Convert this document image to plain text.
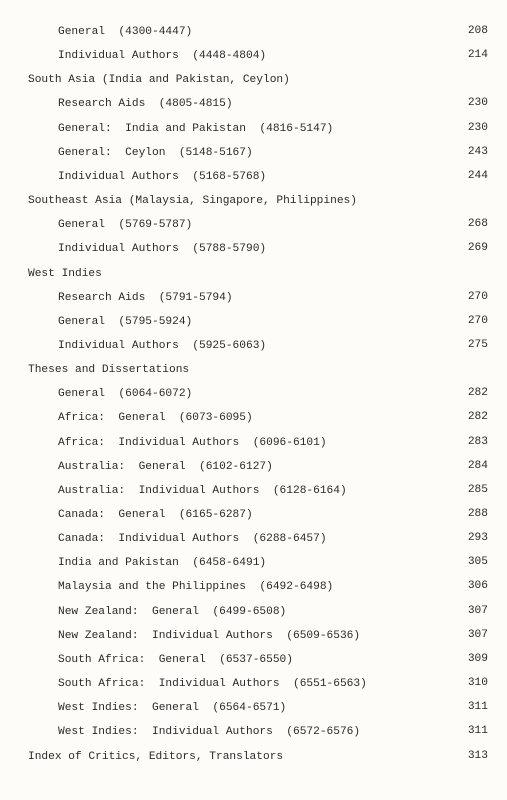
General  (4300-4447)	208
Individual Authors  (4448-4804)	214
South Asia (India and Pakistan, Ceylon)
Research Aids  (4805-4815)	230
General:  India and Pakistan  (4816-5147)	230
General:  Ceylon  (5148-5167)	243
Individual Authors  (5168-5768)	244
Southeast Asia (Malaysia, Singapore, Philippines)
General  (5769-5787)	268
Individual Authors  (5788-5790)	269
West Indies
Research Aids  (5791-5794)	270
General  (5795-5924)	270
Individual Authors  (5925-6063)	275
Theses and Dissertations
General  (6064-6072)	282
Africa:  General  (6073-6095)	282
Africa:  Individual Authors  (6096-6101)	283
Australia:  General  (6102-6127)	284
Australia:  Individual Authors  (6128-6164)	285
Canada:  General  (6165-6287)	288
Canada:  Individual Authors  (6288-6457)	293
India and Pakistan  (6458-6491)	305
Malaysia and the Philippines  (6492-6498)	306
New Zealand:  General  (6499-6508)	307
New Zealand:  Individual Authors  (6509-6536)	307
South Africa:  General  (6537-6550)	309
South Africa:  Individual Authors  (6551-6563)	310
West Indies:  General  (6564-6571)	311
West Indies:  Individual Authors  (6572-6576)	311
Index of Critics, Editors, Translators	313
